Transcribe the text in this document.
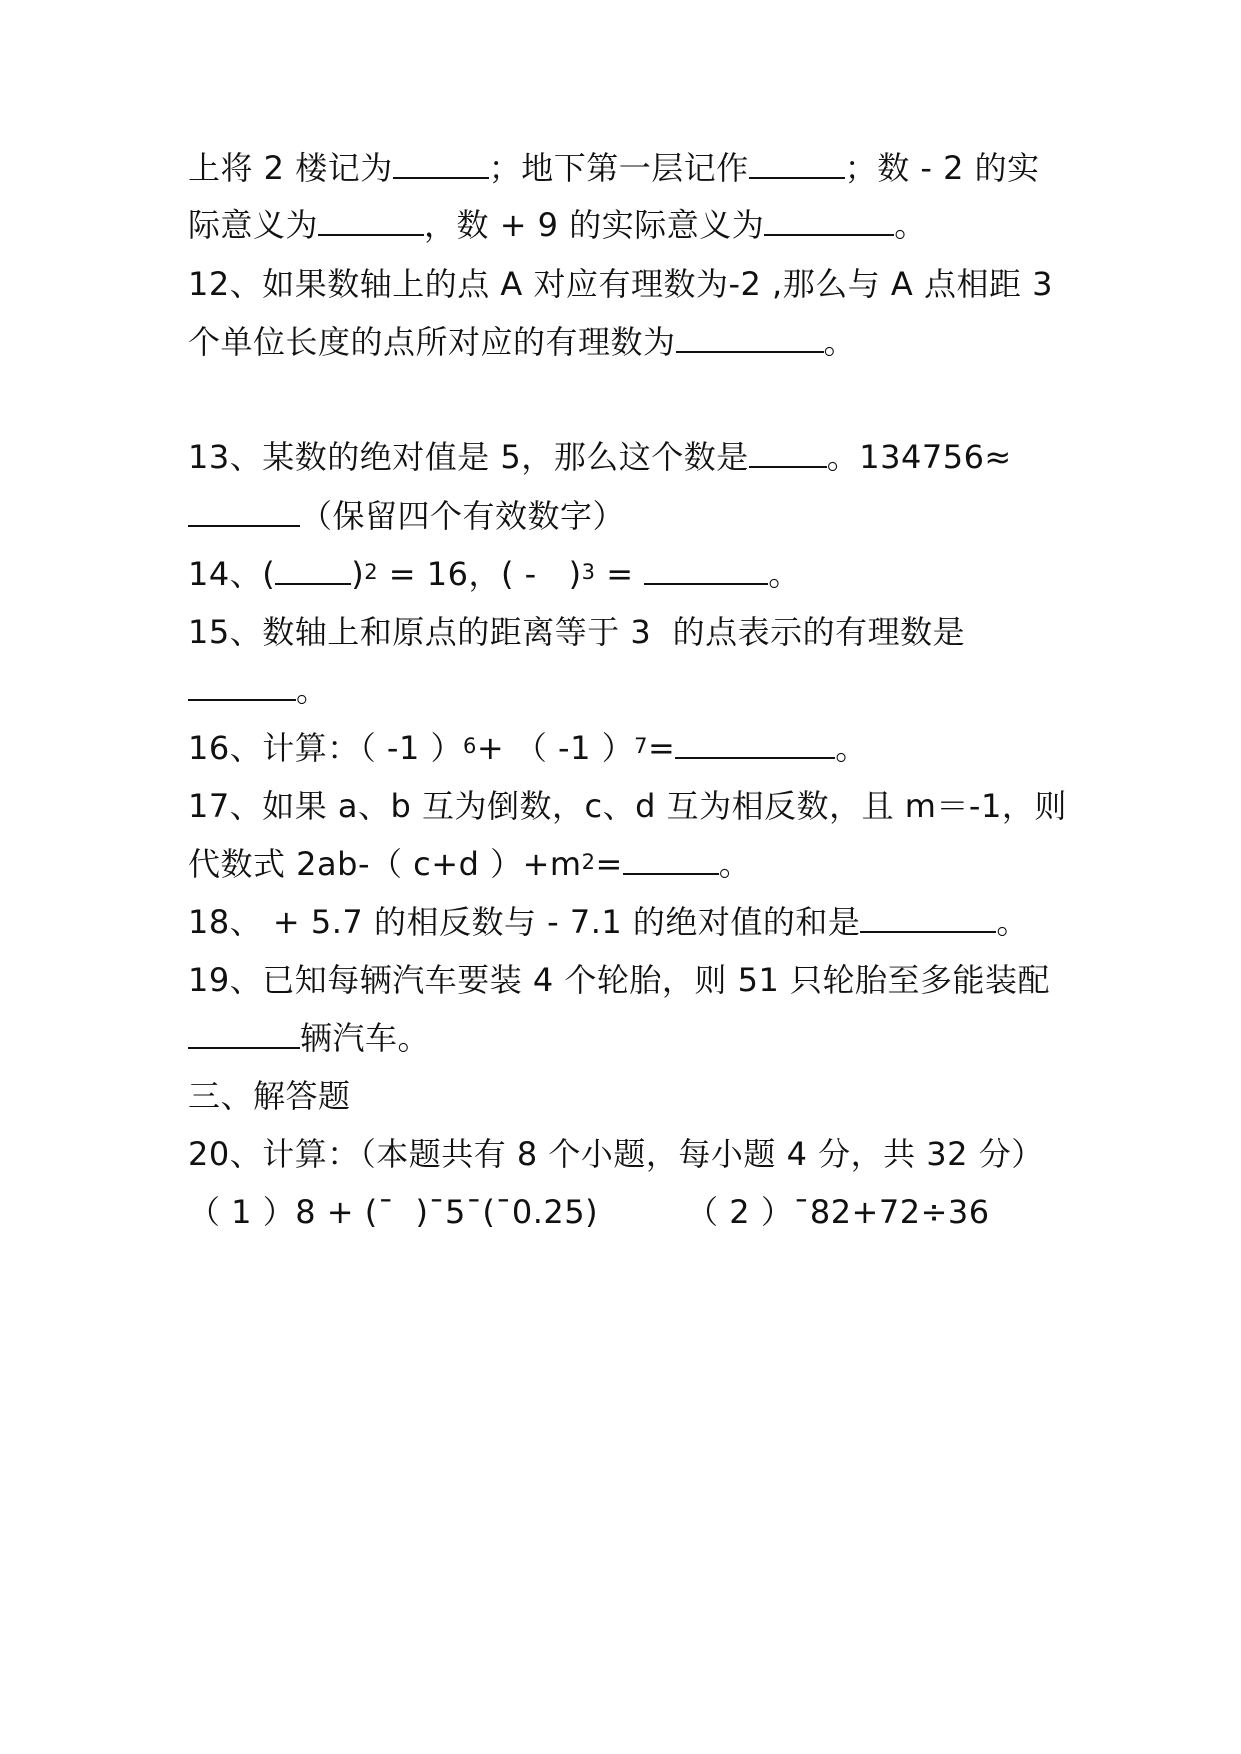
上将 2 楼记为	；地下第一层记作	；数 - 2 的实
际意义为	，数 + 9 的实际意义为	。
12、如果数轴上的点 A 对应有理数为-2 ,那么与 A 点相距 3
个单位长度的点所对应的有理数为	。
13、某数的绝对值是 5，那么这个数是 。134756≈
（保留四个有效数字）
14、( )$^2$ = 16，( -   )$^3$ =	。
15、数轴上和原点的距离等于 3  的点表示的有理数是
。
16、计算：（ -1 ）$^6$+ （ -1 ）$^7$=	。
17、如果 a、b 互为倒数，c、d 互为相反数，且 m＝-1，则
代数式 2ab-（ c+d ）$+m^2=$	。
18、 + 5.7 的相反数与 - 7.1 的绝对值的和是	。
19、已知每辆汽车要装 4 个轮胎，则 51 只轮胎至多能装配
辆汽车。
三、解答题
20、计算：（本题共有 8 个小题，每小题 4 分，共 32 分）
（ 1 ）8 + (¯  )¯5¯(¯0.25)	（ 2 ）¯82+72÷36
